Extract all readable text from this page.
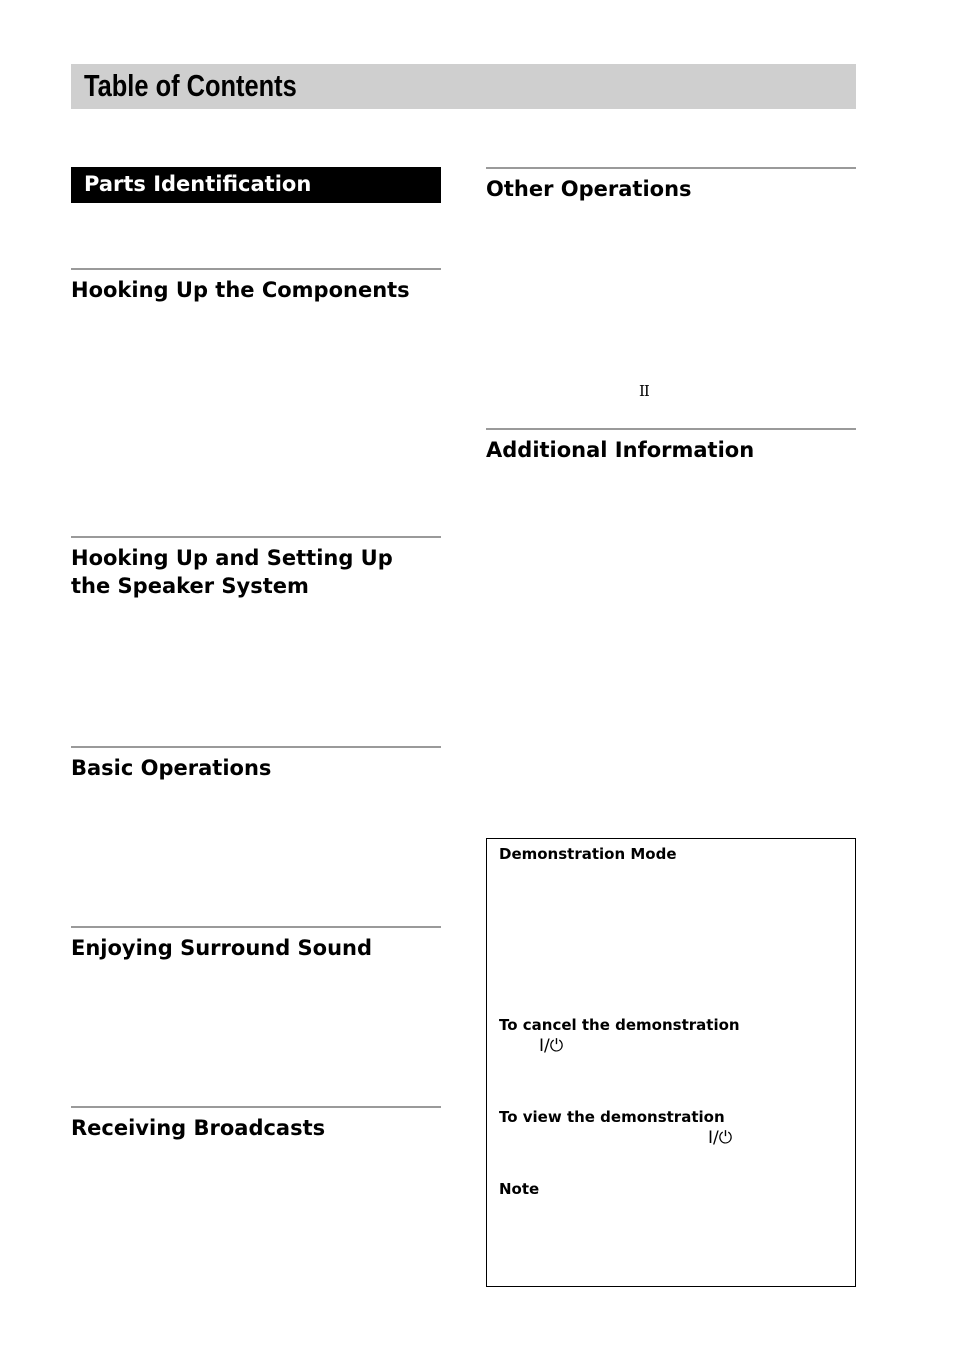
Table of Contents
Parts Identification
Hooking Up the Components
Hooking Up and Setting Up
the Speaker System
Basic Operations
Enjoying Surround Sound
Receiving Broadcasts
Other Operations
II
Additional Information
Demonstration Mode
To cancel the demonstration
I/⏻
To view the demonstration
I/⏻
Note
